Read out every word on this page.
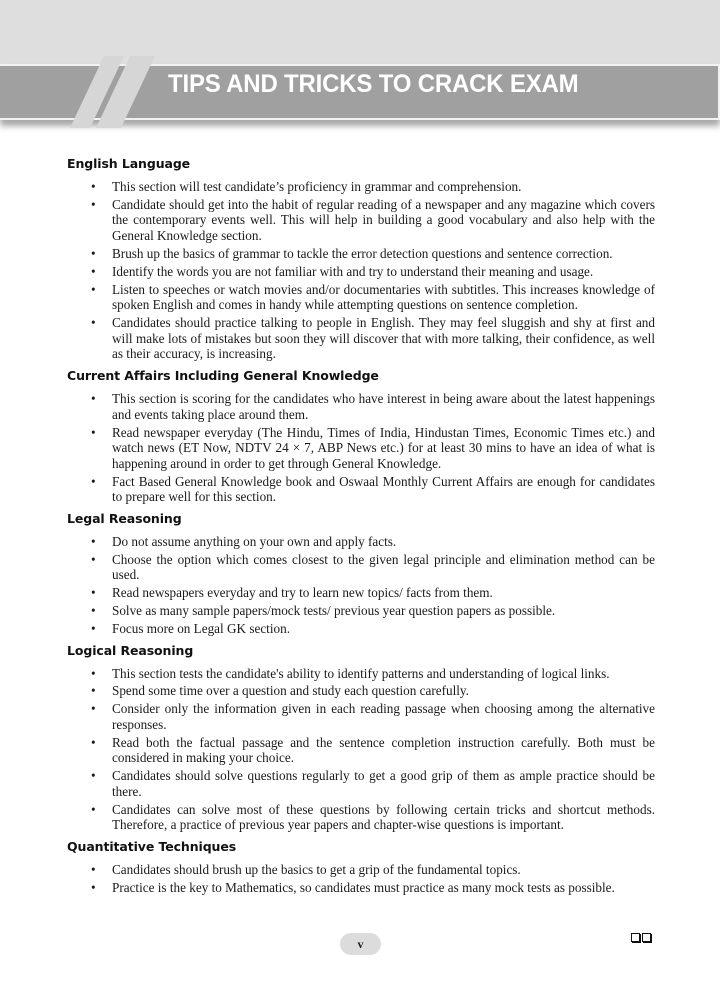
TIPS AND TRICKS TO CRACK EXAM
English Language
• This section will test candidate’s proficiency in grammar and comprehension.
• Candidate should get into the habit of regular reading of a newspaper and any magazine which covers the contemporary events well. This will help in building a good vocabulary and also help with the General Knowledge section.
• Brush up the basics of grammar to tackle the error detection questions and sentence correction.
• Identify the words you are not familiar with and try to understand their meaning and usage.
• Listen to speeches or watch movies and/or documentaries with subtitles. This increases knowledge of spoken English and comes in handy while attempting questions on sentence completion.
• Candidates should practice talking to people in English. They may feel sluggish and shy at first and will make lots of mistakes but soon they will discover that with more talking, their confidence, as well as their accuracy, is increasing.
Current Affairs Including General Knowledge
• This section is scoring for the candidates who have interest in being aware about the latest happenings and events taking place around them.
• Read newspaper everyday (The Hindu, Times of India, Hindustan Times, Economic Times etc.) and watch news (ET Now, NDTV 24 × 7, ABP News etc.) for at least 30 mins to have an idea of what is happening around in order to get through General Knowledge.
• Fact Based General Knowledge book and Oswaal Monthly Current Affairs are enough for candidates to prepare well for this section.
Legal Reasoning
• Do not assume anything on your own and apply facts.
• Choose the option which comes closest to the given legal principle and elimination method can be used.
• Read newspapers everyday and try to learn new topics/ facts from them.
• Solve as many sample papers/mock tests/ previous year question papers as possible.
• Focus more on Legal GK section.
Logical Reasoning
• This section tests the candidate's ability to identify patterns and understanding of logical links.
• Spend some time over a question and study each question carefully.
• Consider only the information given in each reading passage when choosing among the alternative responses.
• Read both the factual passage and the sentence completion instruction carefully. Both must be considered in making your choice.
• Candidates should solve questions regularly to get a good grip of them as ample practice should be there.
• Candidates can solve most of these questions by following certain tricks and shortcut methods. Therefore, a practice of previous year papers and chapter-wise questions is important.
Quantitative Techniques
• Candidates should brush up the basics to get a grip of the fundamental topics.
• Practice is the key to Mathematics, so candidates must practice as many mock tests as possible.
v
